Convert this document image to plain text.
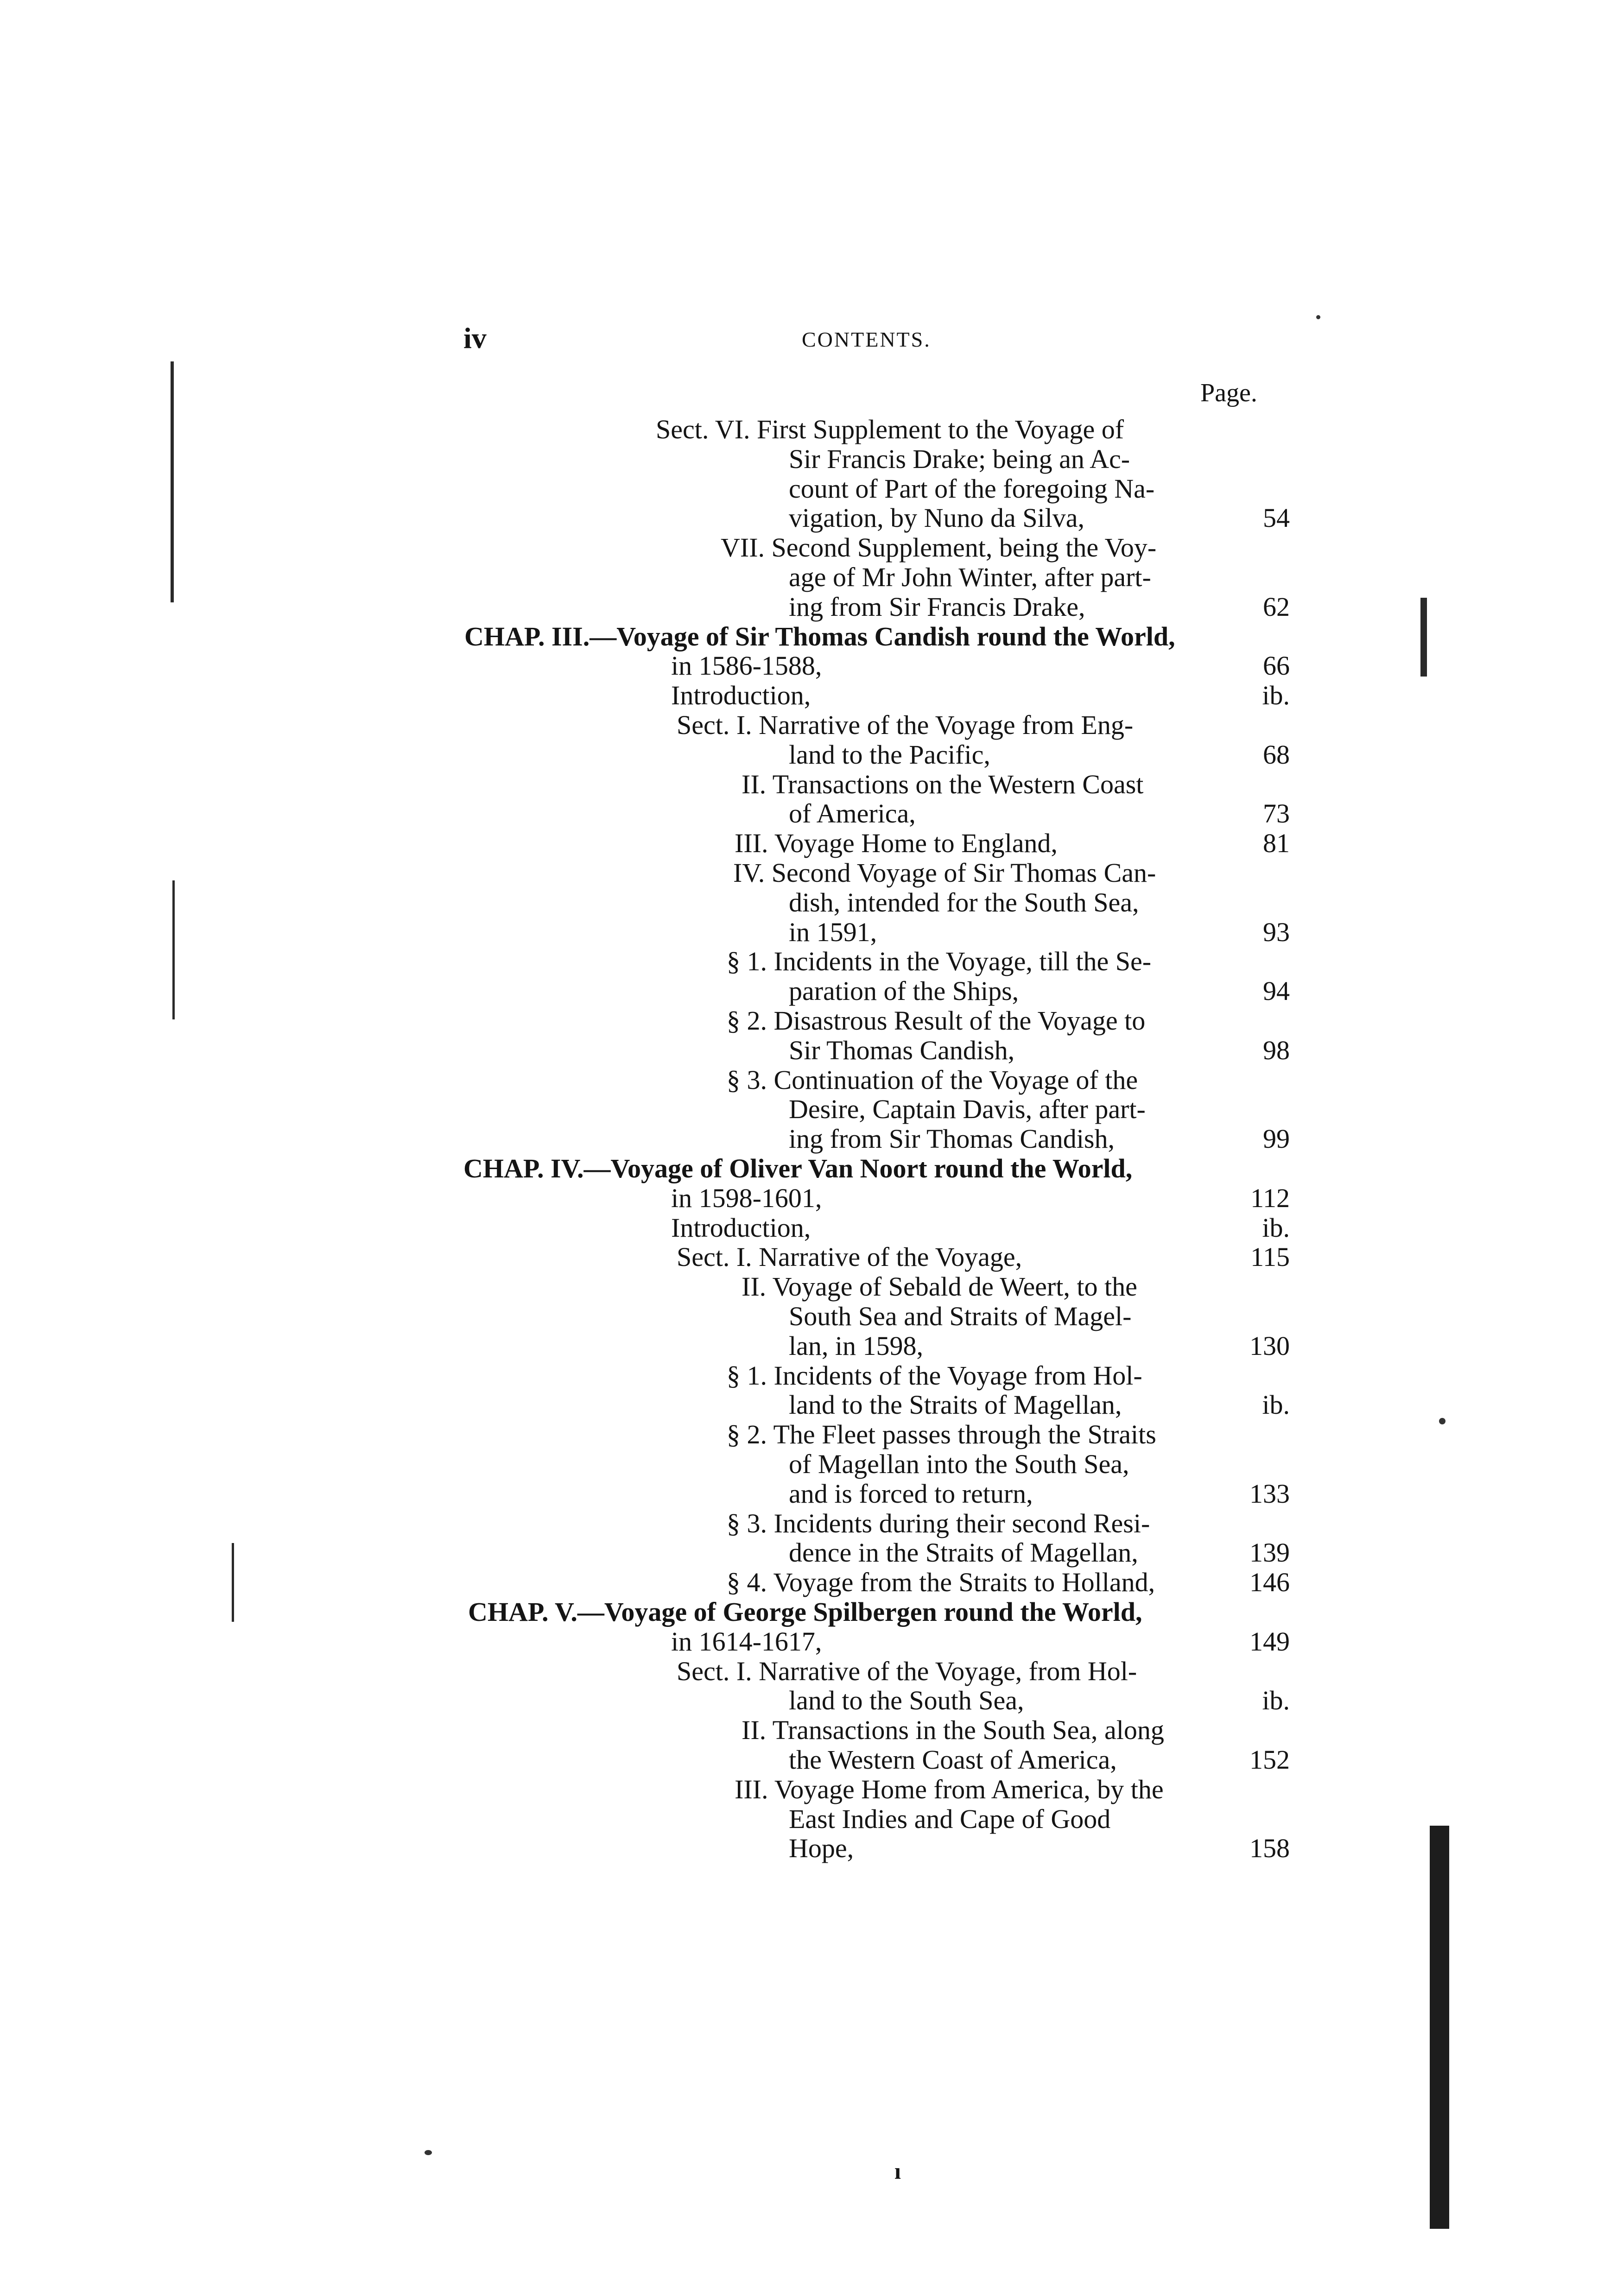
iv	CONTENTS.
Page.
Sect. VI. First Supplement to the Voyage of
Sir Francis Drake; being an Ac-
count of Part of the foregoing Na-
vigation, by Nuno da Silva,	54
VII. Second Supplement, being the Voy-
age of Mr John Winter, after part-
ing from Sir Francis Drake,	62
CHAP. III.—Voyage of Sir Thomas Candish round the World,
in 1586-1588,	66
Introduction,	ib.
Sect. I. Narrative of the Voyage from Eng-
land to the Pacific,	68
II. Transactions on the Western Coast
of America,	73
III. Voyage Home to England,	81
IV. Second Voyage of Sir Thomas Can-
dish, intended for the South Sea,
in 1591,	93
§ 1. Incidents in the Voyage, till the Se-
paration of the Ships,	94
§ 2. Disastrous Result of the Voyage to
Sir Thomas Candish,	98
§ 3. Continuation of the Voyage of the
Desire, Captain Davis, after part-
ing from Sir Thomas Candish,	99
CHAP. IV.—Voyage of Oliver Van Noort round the World,
in 1598-1601,	112
Introduction,	ib.
Sect. I. Narrative of the Voyage,	115
II. Voyage of Sebald de Weert, to the
South Sea and Straits of Magel-
lan, in 1598,	130
§ 1. Incidents of the Voyage from Hol-
land to the Straits of Magellan,	ib.
§ 2. The Fleet passes through the Straits
of Magellan into the South Sea,
and is forced to return,	133
§ 3. Incidents during their second Resi-
dence in the Straits of Magellan,	139
§ 4. Voyage from the Straits to Holland,	146
CHAP. V.—Voyage of George Spilbergen round the World,
in 1614-1617,	149
Sect. I. Narrative of the Voyage, from Hol-
land to the South Sea,	ib.
II. Transactions in the South Sea, along
the Western Coast of America,	152
III. Voyage Home from America, by the
East Indies and Cape of Good
Hope,	158
ı
